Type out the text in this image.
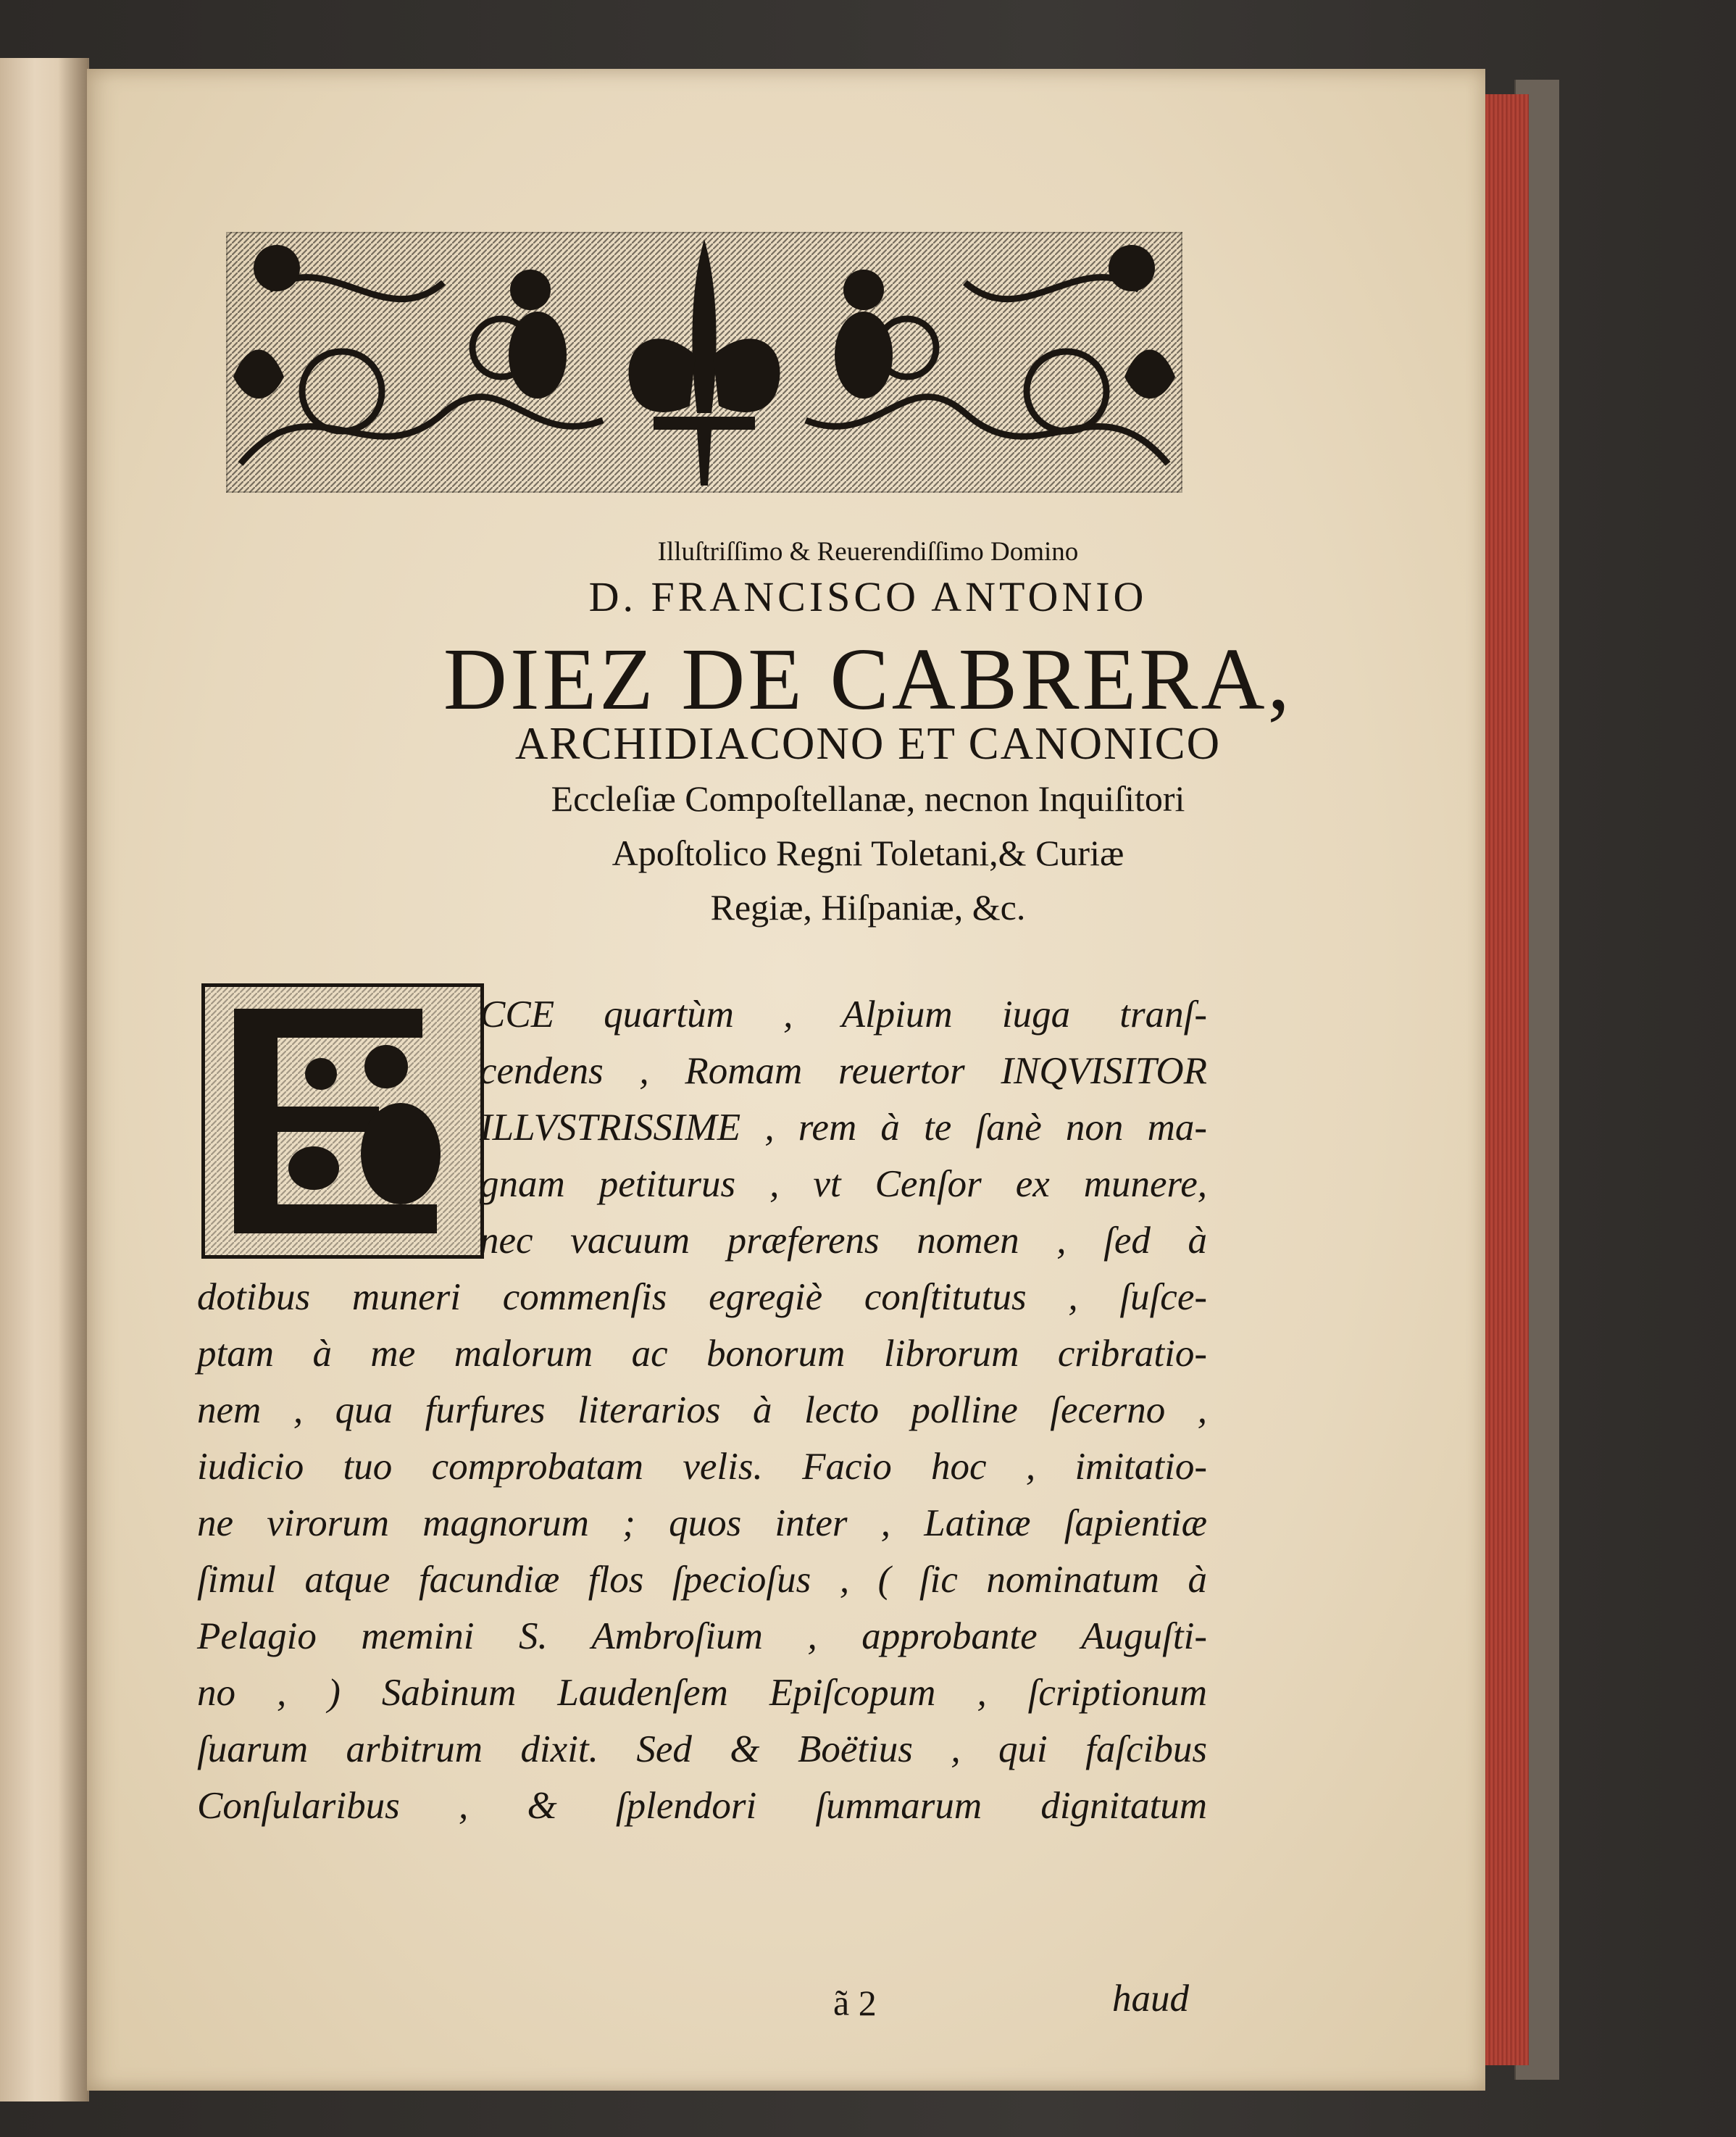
Illuſtriſſimo & Reuerendiſſimo Domino
D. FRANCISCO ANTONIO
DIEZ DE CABRERA,
ARCHIDIACONO ET CANONICO
Eccleſiæ Compoſtellanæ, necnon Inquiſitori
Apoſtolico Regni Toletani,& Curiæ
Regiæ, Hiſpaniæ, &c.
CCE quartùm , Alpium iuga tranſ-
cendens , Romam reuertor INQVISITOR
ILLVSTRISSIME , rem à te ſanè non ma-
gnam petiturus , vt Cenſor ex munere,
nec vacuum præferens nomen , ſed à
dotibus muneri commenſis egregiè conſtitutus , ſuſce-
ptam à me malorum ac bonorum librorum cribratio-
nem , qua furfures literarios à lecto polline ſecerno ,
iudicio tuo comprobatam velis. Facio hoc , imitatio-
ne virorum magnorum ; quos inter , Latinæ ſapientiæ
ſimul atque facundiæ flos ſpecioſus , ( ſic nominatum à
Pelagio memini S. Ambroſium , approbante Auguſti-
no , ) Sabinum Laudenſem Epiſcopum , ſcriptionum
ſuarum arbitrum dixit. Sed & Boëtius , qui faſcibus
Conſularibus , & ſplendori ſummarum dignitatum
ã 2	haud
